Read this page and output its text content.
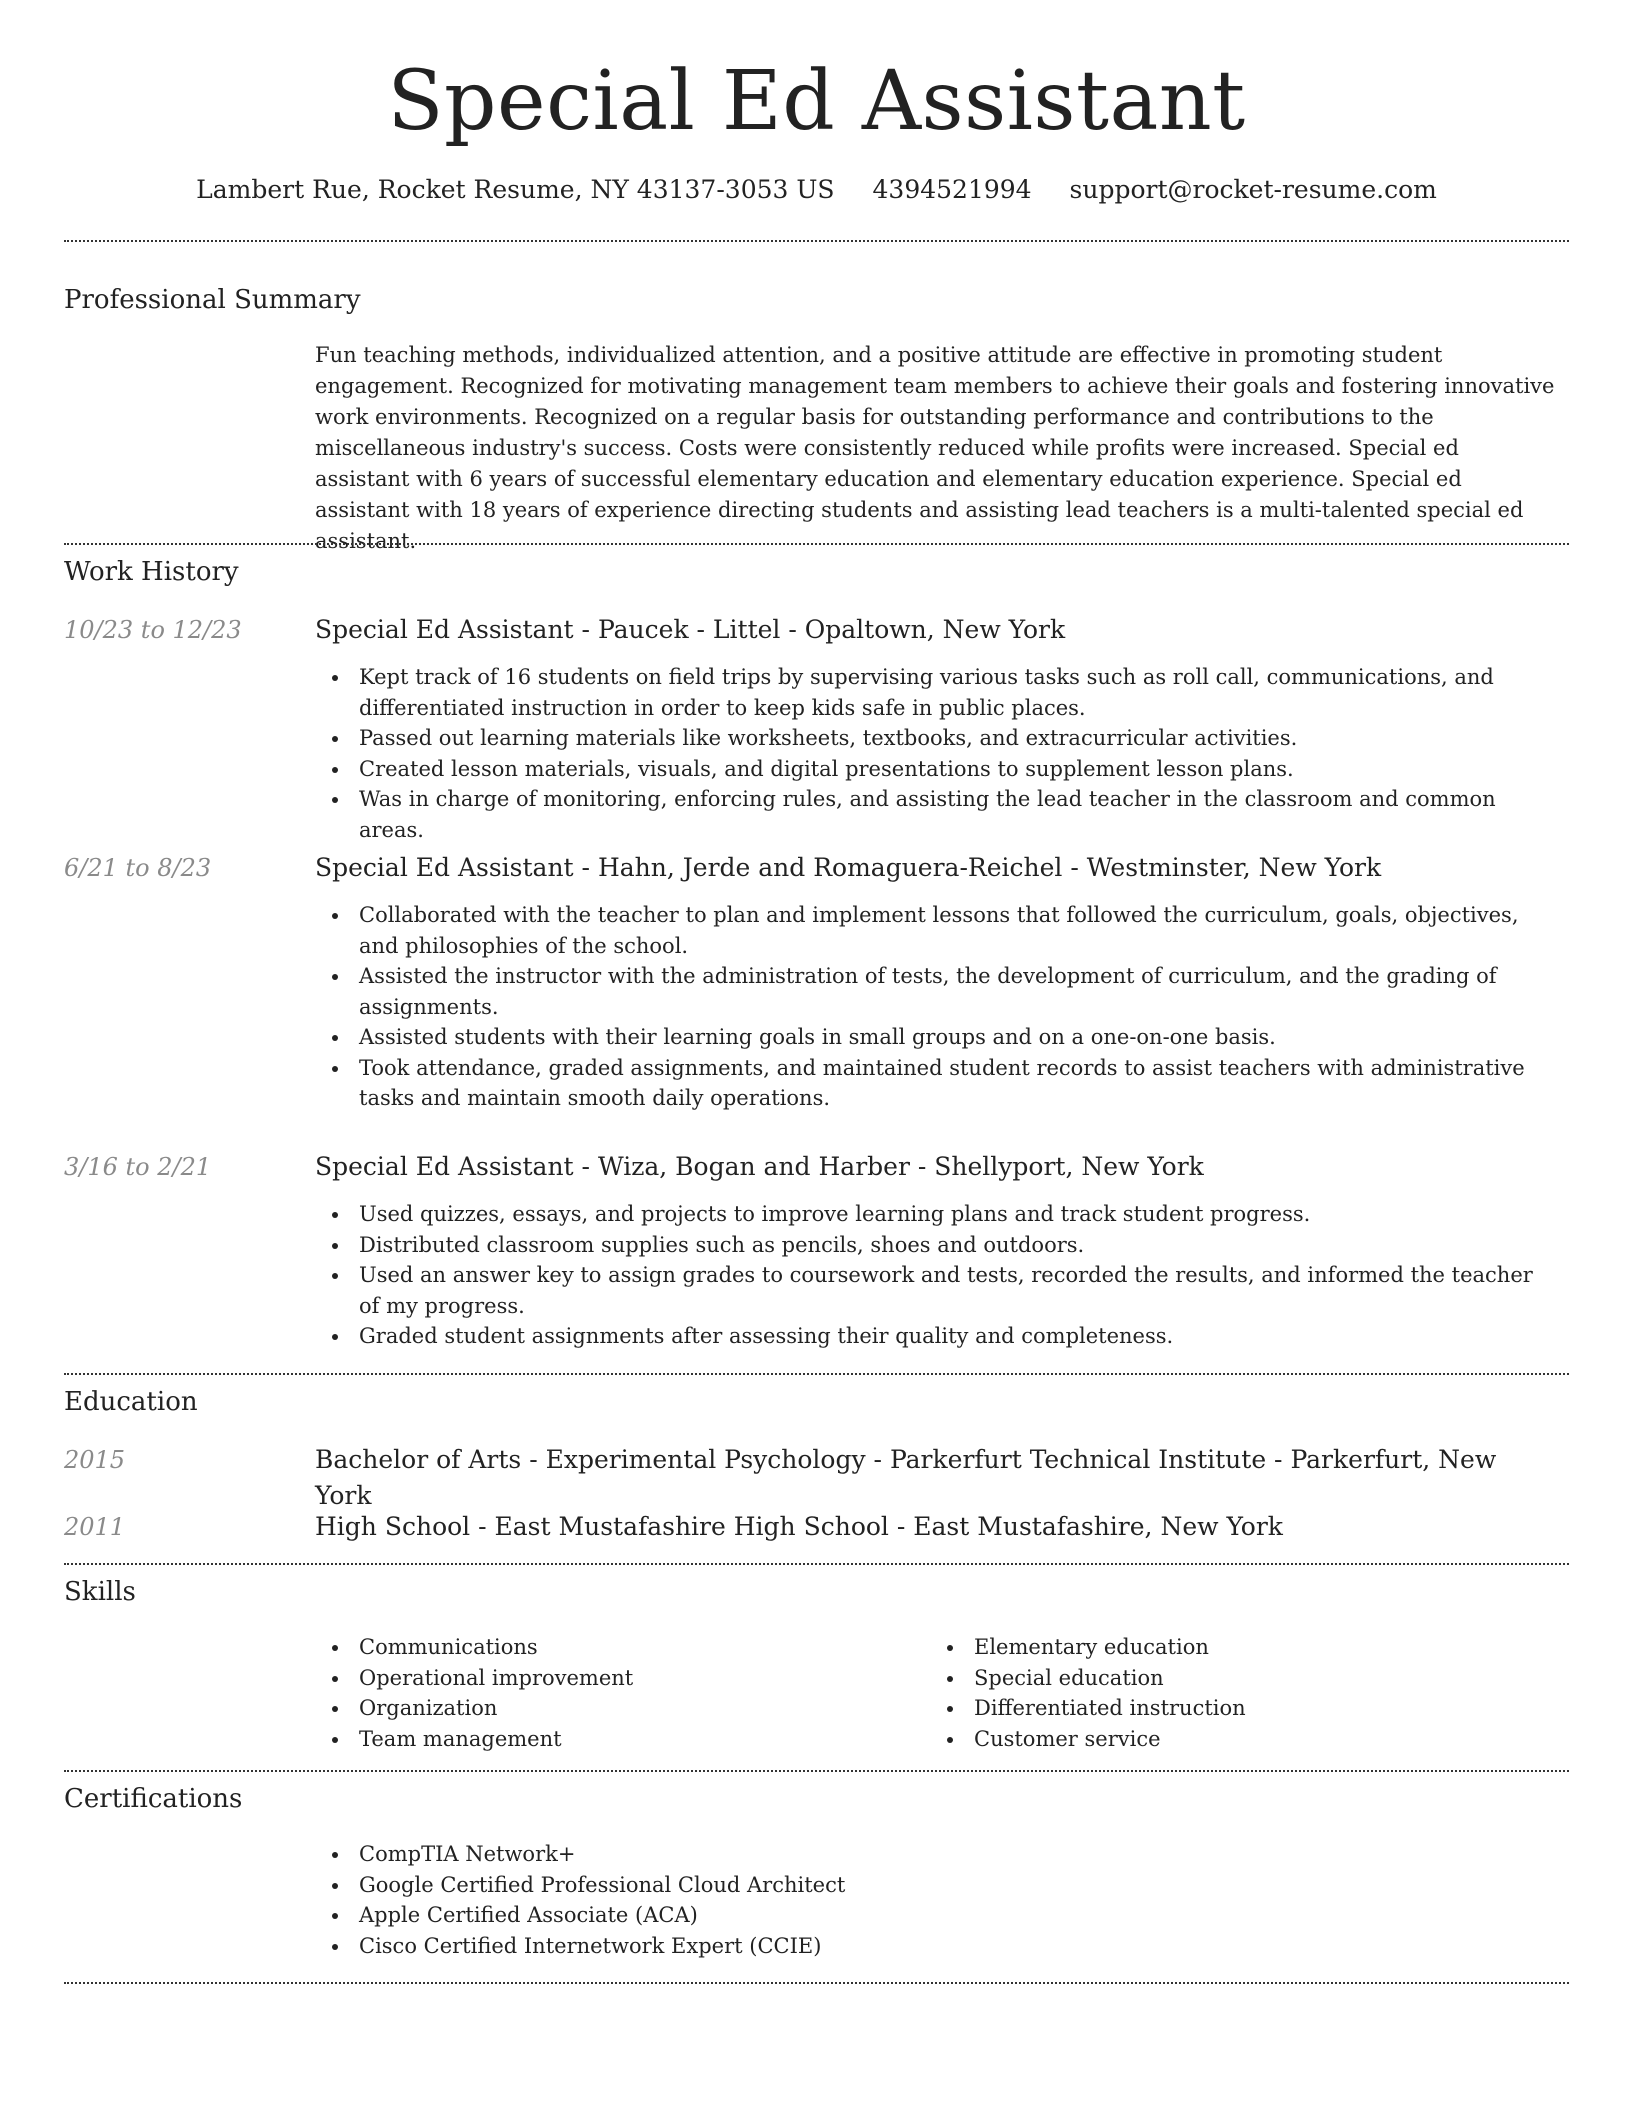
Special Ed Assistant
Lambert Rue, Rocket Resume, NY 43137-3053 US 4394521994 support@rocket-resume.com
Professional Summary

Fun teaching methods, individualized attention, and a positive attitude are effective in promoting student engagement. Recognized for motivating management team members to achieve their goals and fostering innovative work environments. Recognized on a regular basis for outstanding performance and contributions to the miscellaneous industry's success. Costs were consistently reduced while profits were increased. Special ed assistant with 6 years of successful elementary education and elementary education experience. Special ed assistant with 18 years of experience directing students and assisting lead teachers is a multi-talented special ed assistant.

Work History
10/23 to 12/23	Special Ed Assistant - Paucek - Littel - Opaltown, New York
Kept track of 16 students on field trips by supervising various tasks such as roll call, communications, and differentiated instruction in order to keep kids safe in public places.
Passed out learning materials like worksheets, textbooks, and extracurricular activities.
Created lesson materials, visuals, and digital presentations to supplement lesson plans.
Was in charge of monitoring, enforcing rules, and assisting the lead teacher in the classroom and common areas.
6/21 to 8/23	Special Ed Assistant - Hahn, Jerde and Romaguera-Reichel - Westminster, New York
Collaborated with the teacher to plan and implement lessons that followed the curriculum, goals, objectives, and philosophies of the school.
Assisted the instructor with the administration of tests, the development of curriculum, and the grading of assignments.
Assisted students with their learning goals in small groups and on a one-on-one basis.
Took attendance, graded assignments, and maintained student records to assist teachers with administrative tasks and maintain smooth daily operations.
3/16 to 2/21	Special Ed Assistant - Wiza, Bogan and Harber - Shellyport, New York
Used quizzes, essays, and projects to improve learning plans and track student progress.
Distributed classroom supplies such as pencils, shoes and outdoors.
Used an answer key to assign grades to coursework and tests, recorded the results, and informed the teacher of my progress.
Graded student assignments after assessing their quality and completeness.
Education
2015	Bachelor of Arts - Experimental Psychology - Parkerfurt Technical Institute - Parkerfurt, New York
2011	High School - East Mustafashire High School - East Mustafashire, New York
Skills
Communications
Operational improvement
Organization
Team management
Elementary education
Special education
Differentiated instruction
Customer service
Certifications
CompTIA Network+
Google Certified Professional Cloud Architect
Apple Certified Associate (ACA)
Cisco Certified Internetwork Expert (CCIE)
